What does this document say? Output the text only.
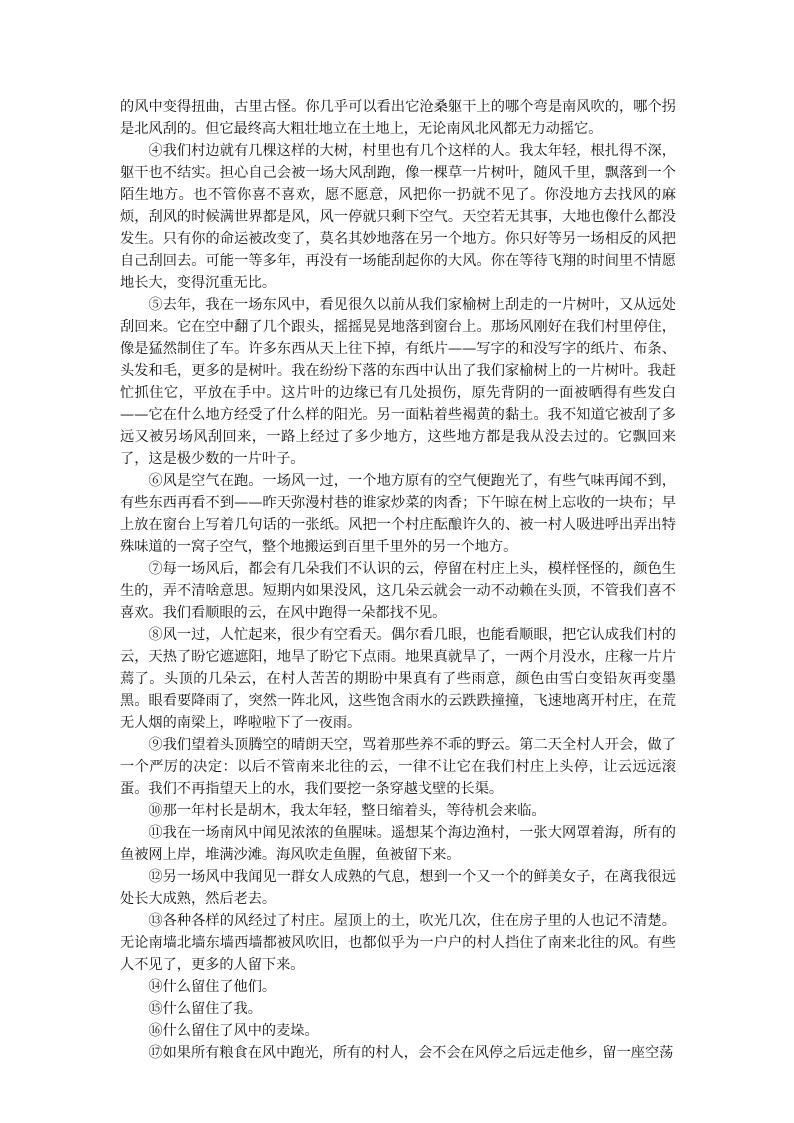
的风中变得扭曲，古里古怪。你几乎可以看出它沧桑躯干上的哪个弯是南风吹的，哪个拐是北风刮的。但它最终高大粗壮地立在土地上，无论南风北风都无力动摇它。

④我们村边就有几棵这样的大树，村里也有几个这样的人。我太年轻，根扎得不深，躯干也不结实。担心自己会被一场大风刮跑，像一棵草一片树叶，随风千里，飘落到一个陌生地方。也不管你喜不喜欢，愿不愿意，风把你一扔就不见了。你没地方去找风的麻烦，刮风的时候满世界都是风，风一停就只剩下空气。天空若无其事，大地也像什么都没发生。只有你的命运被改变了，莫名其妙地落在另一个地方。你只好等另一场相反的风把自己刮回去。可能一等多年，再没有一场能刮起你的大风。你在等待飞翔的时间里不情愿地长大，变得沉重无比。

⑤去年，我在一场东风中，看见很久以前从我们家榆树上刮走的一片树叶，又从远处刮回来。它在空中翻了几个跟头，摇摇晃晃地落到窗台上。那场风刚好在我们村里停住，像是猛然制住了车。许多东西从天上往下掉，有纸片——写字的和没写字的纸片、布条、头发和毛，更多的是树叶。我在纷纷下落的东西中认出了我们家榆树上的一片树叶。我赶忙抓住它，平放在手中。这片叶的边缘已有几处损伤，原先背阴的一面被晒得有些发白——它在什么地方经受了什么样的阳光。另一面粘着些褐黄的黏土。我不知道它被刮了多远又被另场风刮回来，一路上经过了多少地方，这些地方都是我从没去过的。它飘回来了，这是极少数的一片叶子。

⑥风是空气在跑。一场风一过，一个地方原有的空气便跑光了，有些气味再闻不到，有些东西再看不到——昨天弥漫村巷的谁家炒菜的肉香；下午晾在树上忘收的一块布；早上放在窗台上写着几句话的一张纸。风把一个村庄酝酿许久的、被一村人吸进呼出弄出特殊味道的一窝子空气，整个地搬运到百里千里外的另一个地方。

⑦每一场风后，都会有几朵我们不认识的云，停留在村庄上头，模样怪怪的，颜色生生的，弄不清啥意思。短期内如果没风，这几朵云就会一动不动赖在头顶，不管我们喜不喜欢。我们看顺眼的云，在风中跑得一朵都找不见。

⑧风一过，人忙起来，很少有空看天。偶尔看几眼，也能看顺眼，把它认成我们村的云，天热了盼它遮遮阳，地旱了盼它下点雨。地果真就旱了，一两个月没水，庄稼一片片蔫了。头顶的几朵云，在村人苦苦的期盼中果真有了些雨意，颜色由雪白变铅灰再变墨黑。眼看要降雨了，突然一阵北风，这些饱含雨水的云跌跌撞撞，飞速地离开村庄，在荒无人烟的南梁上，哗啦啦下了一夜雨。

⑨我们望着头顶腾空的晴朗天空，骂着那些养不乖的野云。第二天全村人开会，做了一个严厉的决定：以后不管南来北往的云，一律不让它在我们村庄上头停，让云远远滚蛋。我们不再指望天上的水，我们要挖一条穿越戈壁的长渠。

⑩那一年村长是胡木，我太年轻，整日缩着头，等待机会来临。

⑪我在一场南风中闻见浓浓的鱼腥味。遥想某个海边渔村，一张大网罩着海，所有的鱼被网上岸，堆满沙滩。海风吹走鱼腥，鱼被留下来。

⑫另一场风中我闻见一群女人成熟的气息，想到一个又一个的鲜美女子，在离我很远处长大成熟，然后老去。

⑬各种各样的风经过了村庄。屋顶上的土，吹光几次，住在房子里的人也记不清楚。无论南墙北墙东墙西墙都被风吹旧，也都似乎为一户户的村人挡住了南来北往的风。有些人不见了，更多的人留下来。

⑭什么留住了他们。

⑮什么留住了我。

⑯什么留住了风中的麦垛。

⑰如果所有粮食在风中跑光，所有的村人，会不会在风停之后远走他乡，留一座空荡
